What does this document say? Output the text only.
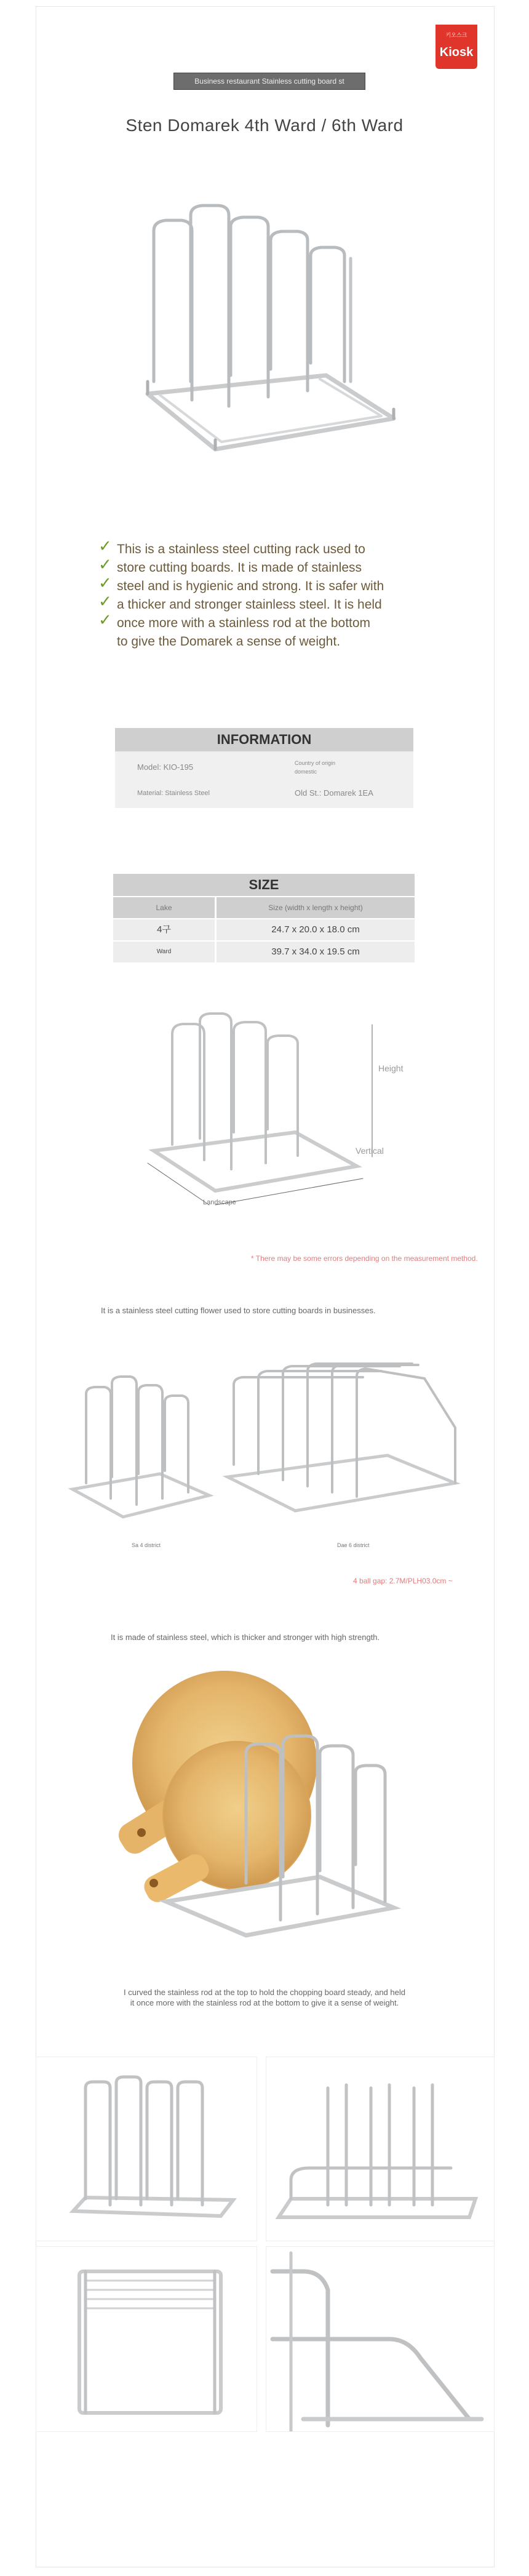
키오스크
Kiosk
Business restaurant Stainless cutting board st
Sten Domarek 4th Ward / 6th Ward
✓ This is a stainless steel cutting rack used to
✓ store cutting boards. It is made of stainless
✓ steel and is hygienic and strong. It is safer with
✓ a thicker and stronger stainless steel. It is held
✓ once more with a stainless rod at the bottom
to give the Domarek a sense of weight.
INFORMATION
Model: KIO-195	Country of origin
domestic
Material: Stainless Steel	Old St.: Domarek 1EA
SIZE
Lake	Size (width x length x height)
4구	24.7 x 20.0 x 18.0 cm
Ward	39.7 x 34.0 x 19.5 cm
Height
Vertical
Landscape
* There may be some errors depending on the measurement method.
It is a stainless steel cutting flower used to store cutting boards in businesses.
Sa 4 district	Dae 6 district
4 ball gap: 2.7M/PLH03.0cm ~
It is made of stainless steel, which is thicker and stronger with high strength.
I curved the stainless rod at the top to hold the chopping board steady, and held
it once more with the stainless rod at the bottom to give it a sense of weight.
